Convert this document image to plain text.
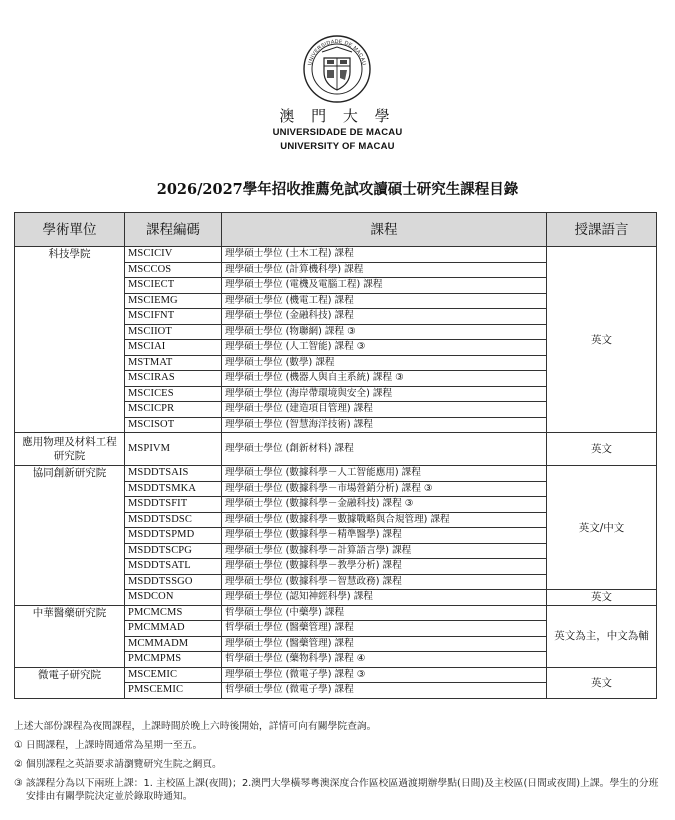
UNIVERSIDADE DE MACAU
澳 門 大 學
UNIVERSIDADE DE MACAU
UNIVERSITY OF MACAU
2026/2027學年招收推薦免試攻讀碩士研究生課程目錄
學術單位	課程編碼	課程	授課語言
科技學院	MSCICIV	理學碩士學位 (土木工程) 課程	英文
	MSCCOS	理學碩士學位 (計算機科學) 課程	
	MSCIECT	理學碩士學位 (電機及電腦工程) 課程	
	MSCIEMG	理學碩士學位 (機電工程) 課程	
	MSCIFNT	理學碩士學位 (金融科技) 課程	
	MSCIIOT	理學碩士學位 (物聯網) 課程 ③	
	MSCIAI	理學碩士學位 (人工智能) 課程 ③	
	MSTMAT	理學碩士學位 (數學) 課程	
	MSCIRAS	理學碩士學位 (機器人與自主系統) 課程 ③	
	MSCICES	理學碩士學位 (海岸帶環境與安全) 課程	
	MSCICPR	理學碩士學位 (建造項目管理) 課程	
	MSCISOT	理學碩士學位 (智慧海洋技術) 課程	
應用物理及材料工程研究院	MSPIVM	理學碩士學位 (創新材料) 課程	英文
協同創新研究院	MSDDTSAIS	理學碩士學位 (數據科學－人工智能應用) 課程	英文/中文
	MSDDTSMKA	理學碩士學位 (數據科學－市場營銷分析) 課程 ③	
	MSDDTSFIT	理學碩士學位 (數據科學－金融科技) 課程 ③	
	MSDDTSDSC	理學碩士學位 (數據科學－數據戰略與合規管理) 課程	
	MSDDTSPMD	理學碩士學位 (數據科學－精準醫學) 課程	
	MSDDTSCPG	理學碩士學位 (數據科學－計算語言學) 課程	
	MSDDTSATL	理學碩士學位 (數據科學－教學分析) 課程	
	MSDDTSSGO	理學碩士學位 (數據科學－智慧政務) 課程	
	MSDCON	理學碩士學位 (認知神經科學) 課程	英文
中華醫藥研究院	PMCMCMS	哲學碩士學位 (中藥學) 課程	英文為主，中文為輔
	PMCMMAD	哲學碩士學位 (醫藥管理) 課程	
	MCMMADM	理學碩士學位 (醫藥管理) 課程	
	PMCMPMS	哲學碩士學位 (藥物科學) 課程 ④	
微電子研究院	MSCEMIC	理學碩士學位 (微電子學) 課程 ③	英文
	PMSCEMIC	哲學碩士學位 (微電子學) 課程	

上述大部份課程為夜間課程，上課時間於晚上六時後開始，詳情可向有關學院查詢。

① 日間課程，上課時間通常為星期一至五。

② 個別課程之英語要求請瀏覽研究生院之網頁。

③ 該課程分為以下兩班上課：1. 主校區上課(夜間)；2.澳門大學橫琴粵澳深度合作區校區過渡期辦學點(日間)及主校區(日間或夜間)上課。學生的分班安排由有關學院決定並於錄取時通知。
